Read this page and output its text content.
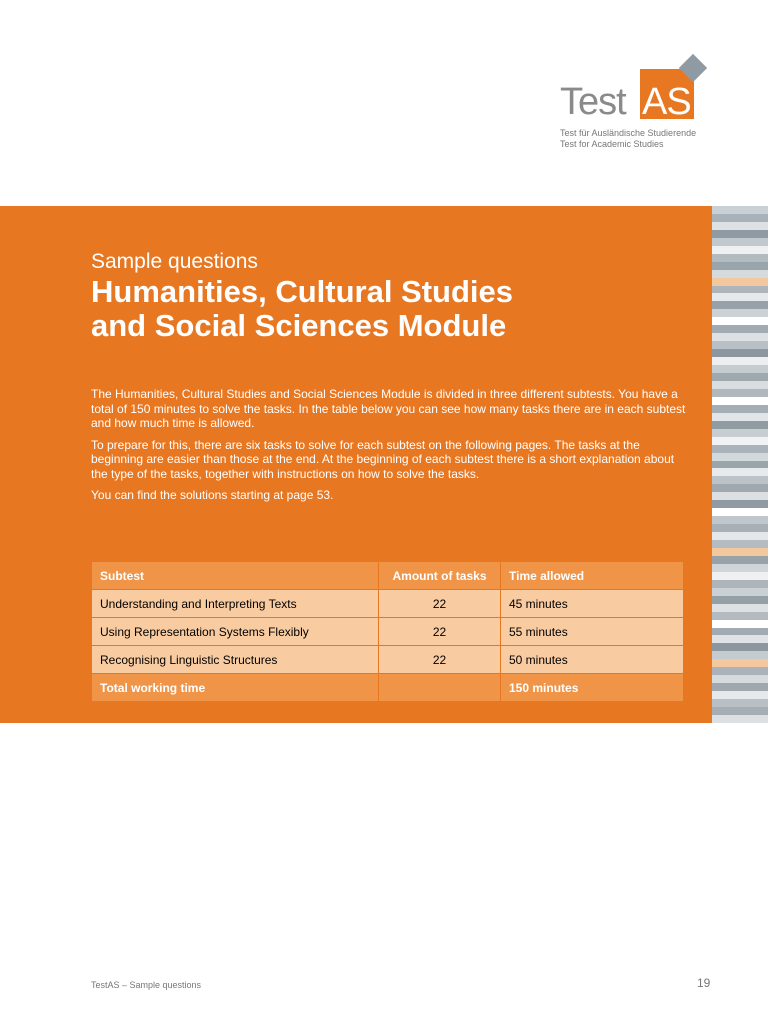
Test AS
Test für Ausländische Studierende
Test for Academic Studies
Sample questions
Humanities, Cultural Studies
and Social Sciences Module

The Humanities, Cultural Studies and Social Sciences Module is divided in three different subtests. You have a total of 150 minutes to solve the tasks. In the table below you can see how many tasks there are in each subtest and how much time is allowed.

To prepare for this, there are six tasks to solve for each subtest on the following pages. The tasks at the beginning are easier than those at the end. At the beginning of each subtest there is a short explanation about the type of the tasks, together with instructions on how to solve the tasks.

You can find the solutions starting at page 53.

Subtest	Amount of tasks	Time allowed
Understanding and Interpreting Texts	22	45 minutes
Using Representation Systems Flexibly	22	55 minutes
Recognising Linguistic Structures	22	50 minutes
Total working time		150 minutes
TestAS – Sample questions	19
